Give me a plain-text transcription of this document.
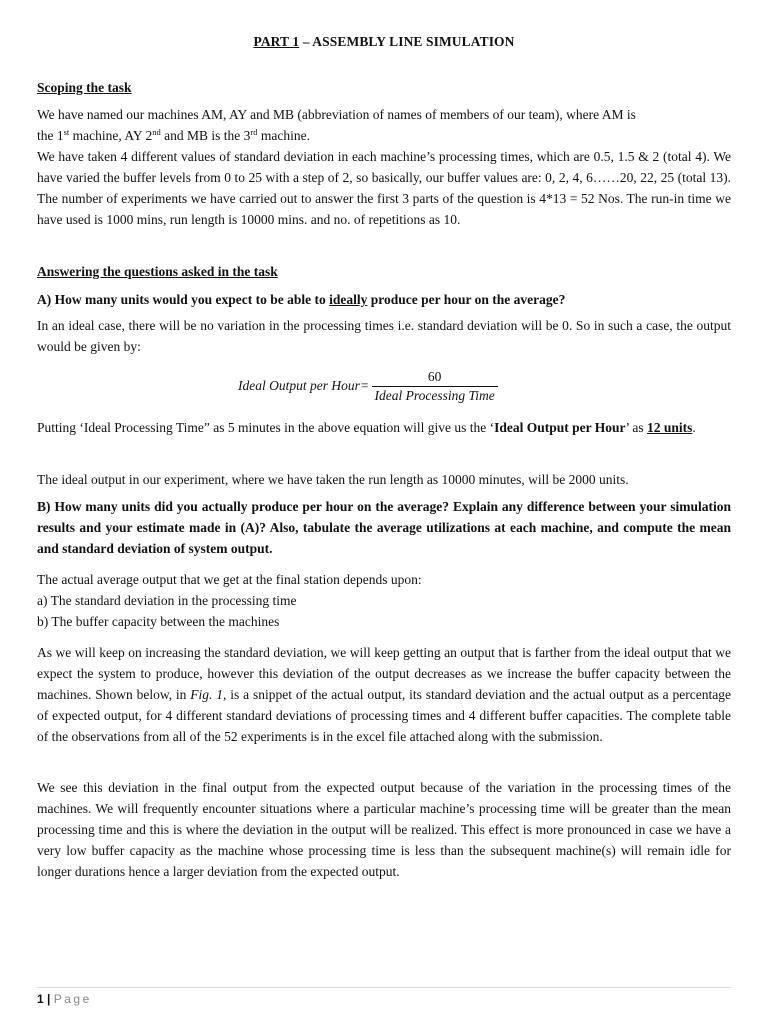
PART 1 – ASSEMBLY LINE SIMULATION
Scoping the task
We have named our machines AM, AY and MB (abbreviation of names of members of our team), where AM is
the 1st machine, AY 2nd and MB is the 3rd machine.
We have taken 4 different values of standard deviation in each machine’s processing times, which are 0.5, 1.5 & 2 (total 4). We have varied the buffer levels from 0 to 25 with a step of 2, so basically, our buffer values are: 0, 2, 4, 6……20, 22, 25 (total 13). The number of experiments we have carried out to answer the first 3 parts of the question is 4*13 = 52 Nos. The run-in time we have used is 1000 mins, run length is 10000 mins. and no. of repetitions as 10.
Answering the questions asked in the task
A) How many units would you expect to be able to ideally produce per hour on the average?
In an ideal case, there will be no variation in the processing times i.e. standard deviation will be 0. So in such a case, the output would be given by:
Ideal Output per Hour = $\frac{60}{\text{Ideal Processing Time}}$
Putting ‘Ideal Processing Time” as 5 minutes in the above equation will give us the ‘Ideal Output per Hour’ as 12 units.
The ideal output in our experiment, where we have taken the run length as 10000 minutes, will be 2000 units.
B) How many units did you actually produce per hour on the average? Explain any difference between your simulation results and your estimate made in (A)? Also, tabulate the average utilizations at each machine, and compute the mean and standard deviation of system output.
The actual average output that we get at the final station depends upon:
a) The standard deviation in the processing time
b) The buffer capacity between the machines
As we will keep on increasing the standard deviation, we will keep getting an output that is farther from the ideal output that we expect the system to produce, however this deviation of the output decreases as we increase the buffer capacity between the machines. Shown below, in Fig. 1, is a snippet of the actual output, its standard deviation and the actual output as a percentage of expected output, for 4 different standard deviations of processing times and 4 different buffer capacities. The complete table of the observations from all of the 52 experiments is in the excel file attached along with the submission.
We see this deviation in the final output from the expected output because of the variation in the processing times of the machines. We will frequently encounter situations where a particular machine’s processing time will be greater than the mean processing time and this is where the deviation in the output will be realized. This effect is more pronounced in case we have a very low buffer capacity as the machine whose processing time is less than the subsequent machine(s) will remain idle for longer durations hence a larger deviation from the expected output.
1 | Page
